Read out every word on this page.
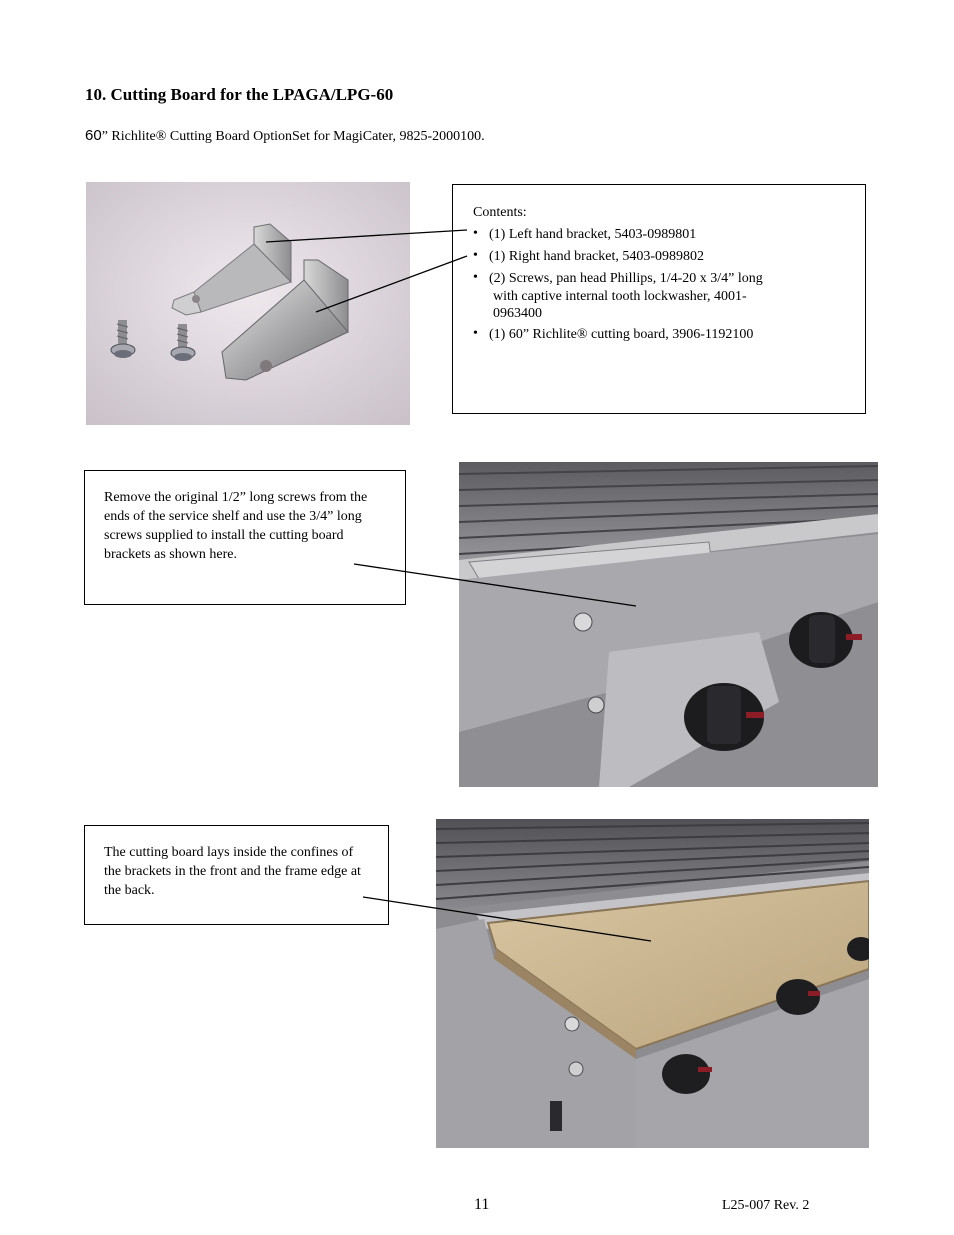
10. Cutting Board for the LPAGA/LPG-60
60” Richlite® Cutting Board OptionSet for MagiCater, 9825-2000100.
Contents:
• (1) Left hand bracket, 5403-0989801
• (1) Right hand bracket, 5403-0989802
• (2) Screws, pan head Phillips, 1/4-20 x 3/4” long
with captive internal tooth lockwasher, 4001-
0963400
• (1) 60” Richlite® cutting board, 3906-1192100
Remove the original 1/2” long screws from the ends of the service shelf and use the 3/4” long screws supplied to install the cutting board brackets as shown here.
The cutting board lays inside the confines of the brackets in the front and the frame edge at the back.
11	L25-007 Rev. 2
